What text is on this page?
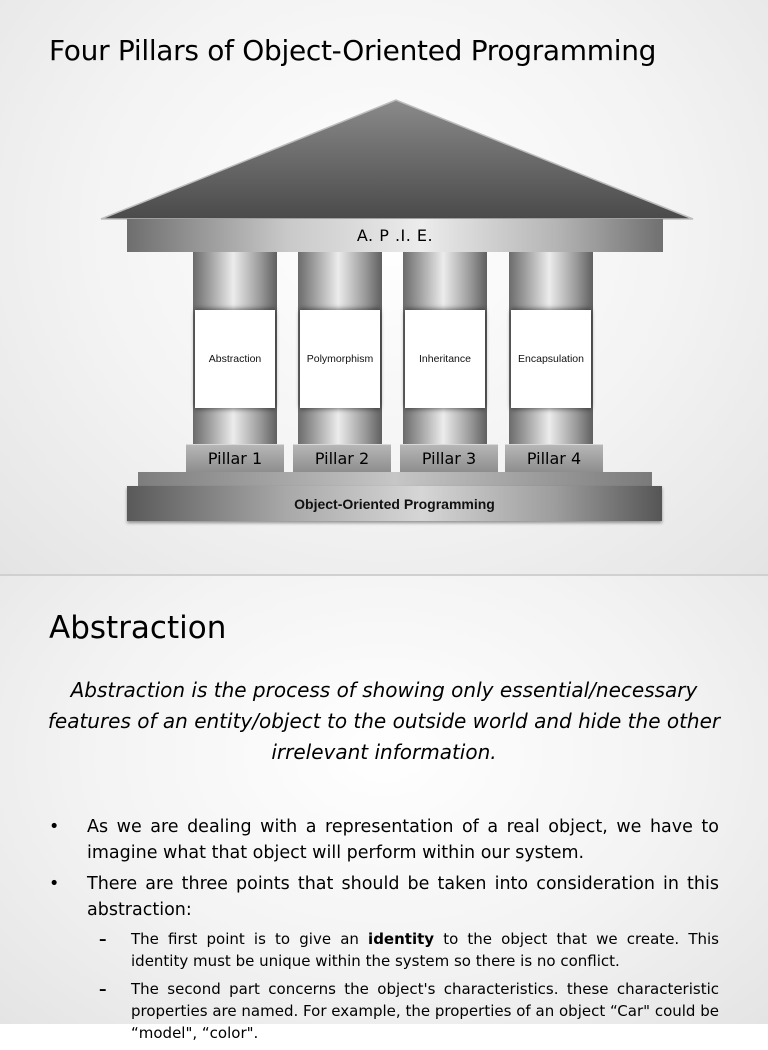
Four Pillars of Object-Oriented Programming
A. P .I. E.
Abstraction	Polymorphism	Inheritance	Encapsulation
Pillar 1	Pillar 2	Pillar 3	Pillar 4
Object-Oriented Programming
Abstraction

Abstraction is the process of showing only essential/necessary features of an entity/object to the outside world and hide the other irrelevant information.

• As we are dealing with a representation of a real object, we have to imagine what that object will perform within our system.
• There are three points that should be taken into consideration in this abstraction:
– The first point is to give an identity to the object that we create. This identity must be unique within the system so there is no conflict.
– The second part concerns the object's characteristics. these characteristic properties are named. For example, the properties of an object “Car" could be “model", “color".
